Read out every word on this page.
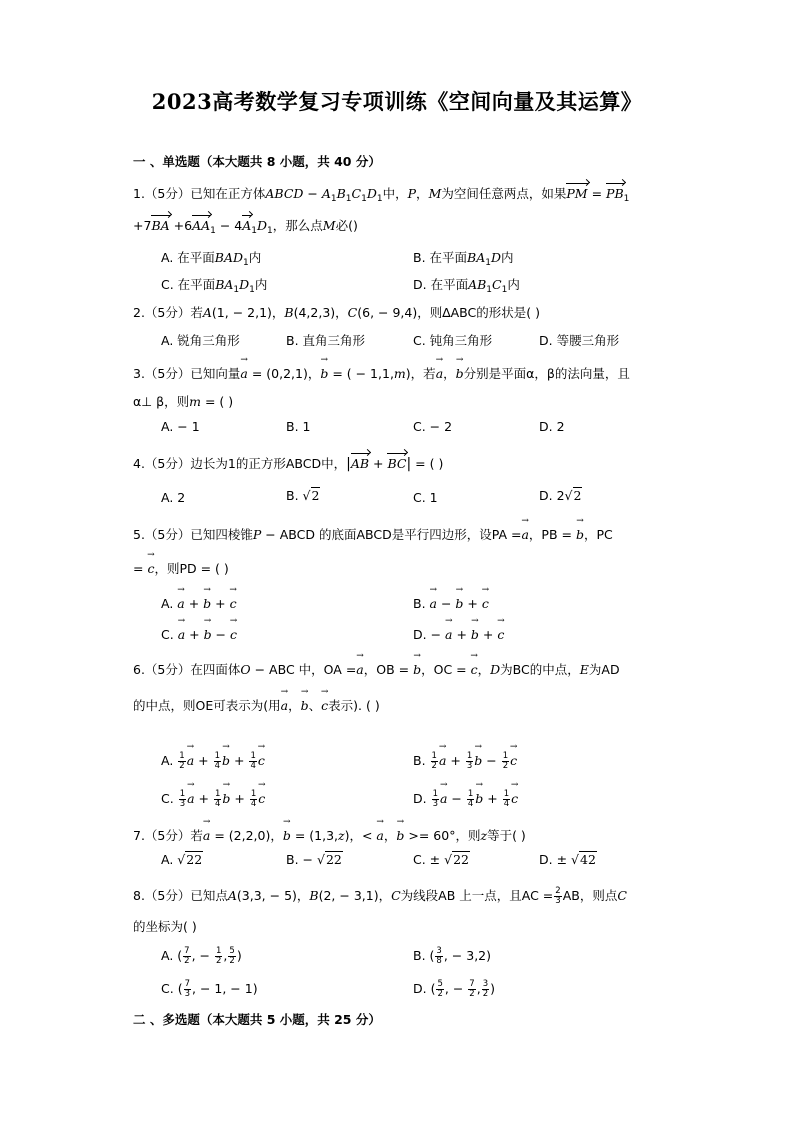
2023高考数学复习专项训练《空间向量及其运算》
一 、单选题（本大题共 8 小题，共 40 分）
1.（5分）已知在正方体ABCD − $A_1B_1C_1D_1$中，P，M为空间任意两点，如果PM = $PB_1$
$+7BA +6AA_1 - 4A_1D_1$，那么点M必()
A. 在平面$BAD_1$内	B. 在平面$BA_1D$内
C. 在平面$BA_1D_1$内	D. 在平面$AB_1C_1$内
2.（5分）若A(1, − 2,1)，B(4,2,3)，C(6, − 9,4)，则∆ABC的形状是( )
A. 锐角三角形	B. 直角三角形	C. 钝角三角形	D. 等腰三角形
3.（5分）已知向量→ a = (0,2,1)，→ b = ( − 1,1,m)，若→ a，→ b分别是平面α，β的法向量，且
α⊥ β，则m = ( )
A. − 1	B. 1	C. − 2	D. 2
4.（5分）边长为1的正方形ABCD中，|AB + BC| = ( )
A. 2	B. √2	C. 1	D. 2√2
5.（5分）已知四棱锥P − ABCD 的底面ABCD是平行四边形，设PA =→ a，PB = → b，PC
= → c，则PD = ( )
A. → a + → b + → c	B. → a − → b + → c
C. → a + → b − → c	D. − → a + → b + → c
6.（5分）在四面体O − ABC 中，OA =→ a，OB = → b，OC = → c，D为BC的中点，E为AD
的中点，则OE可表示为(用→ a，→ b、→ c表示). ( )
A. $\frac{1}{2}$
→ $a + \frac{1}{4}$
→ $b + \frac{1}{4}$
→ c	B. $\frac{1}{2}$
→ $a + \frac{1}{3}$
→ $b - \frac{1}{2}$
→ c
C. $\frac{1}{3}$
→ $a + \frac{1}{4}$
→ $b + \frac{1}{4}$
→ c	D. $\frac{1}{3}$
→ $a - \frac{1}{4}$
→ $b + \frac{1}{4}$
→ c
7.（5分）若→ a = (2,2,0)，→ b = (1,3,z)，< → a，→ b >= 60°，则z等于( )
A. √22	B. − √22	C. ± √22	D. ± √42
8.（5分）已知点A(3,3, − 5)，B(2, − 3,1)，C为线段AB 上一点，且AC = $\frac{2}{3}$ AB，则点C
的坐标为( )
A. ( $\frac{7}{2}$ , − $\frac{1}{2}$ , $\frac{5}{2}$ )	B. ( $\frac{3}{8}$ , − 3,2)
C. ( $\frac{7}{3}$ , − 1, − 1)	D. ( $\frac{5}{2}$ , − $\frac{7}{2}$ , $\frac{3}{2}$ )
二 、多选题（本大题共 5 小题，共 25 分）
